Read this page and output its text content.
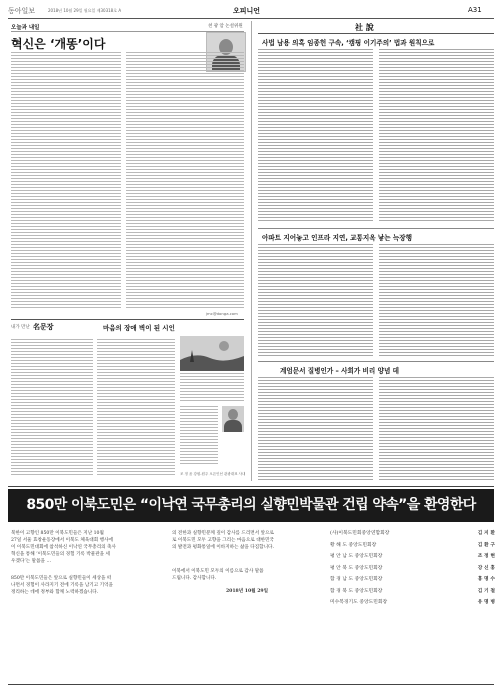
동아일보	2018년 10월 29일 월요일 제30318호 A	오피니언	A31
오늘과 내일	천 광 암 논설위원
혁신은 ‘개똥’이다
jmc@donga.com
내가 만난 名문장	마음의 장애 벽이 된 시인
조 정 윤 강원-원주 오픈인선 관광대표 사내
社 說
사법 남용 의혹 임종헌 구속, ‘캠핑 이기주의’ 법과 원칙으로
아파트 지어놓고 인프라 지연, 교통지옥 낳는 늑장행
계엄문서 질병인가 – 사회가 비리 양념 데
850만 이북도민은 “이낙연 국무총리의 실향민박물관 건립 약속”을 환영한다
북한이 고향인 850만 이북도민들은 지난 10월
27일 서울 효창운동장에서 이북도 체육대회 행사에
이 이북도민대회에 참석하신 이낙연 국무총리의 축사
혁신을 통해 ‘이북도민들의 경험 기록 박물관을 세
우겠다’는 말씀을 …
850만 이북도민들은 앞으로 실향민들이 세상을 떠
나면서 경험이 사라지기 전에 기록을 남기고 기억을
정리하는 데에 정부와 함께 노력하겠습니다.
의 전한과 실향민분께 깊이 감사를 드리면서 앞으로
로 이북도민 모두 고향을 그리는 마음으로 대한민국
의 발전과 평화통일에 이바지하는 삶을 다짐합니다.
이북에서 이북도민 모두의 이름으로 감사 말씀
드립니다. 감사합니다.
2018년 10월 29일
(사)이북도민회중앙연합회장	김 지 환
황 해 도 중앙도민회장	김 환 구
평 안 남 도 중앙도민회장	조 정 현
평 안 북 도 중앙도민회장	강 신 홍
함 경 남 도 중앙도민회장	홍 명 수
함 경 북 도 중앙도민회장	김 기 철
미수복경기도 중앙도민회장	유 명 병
